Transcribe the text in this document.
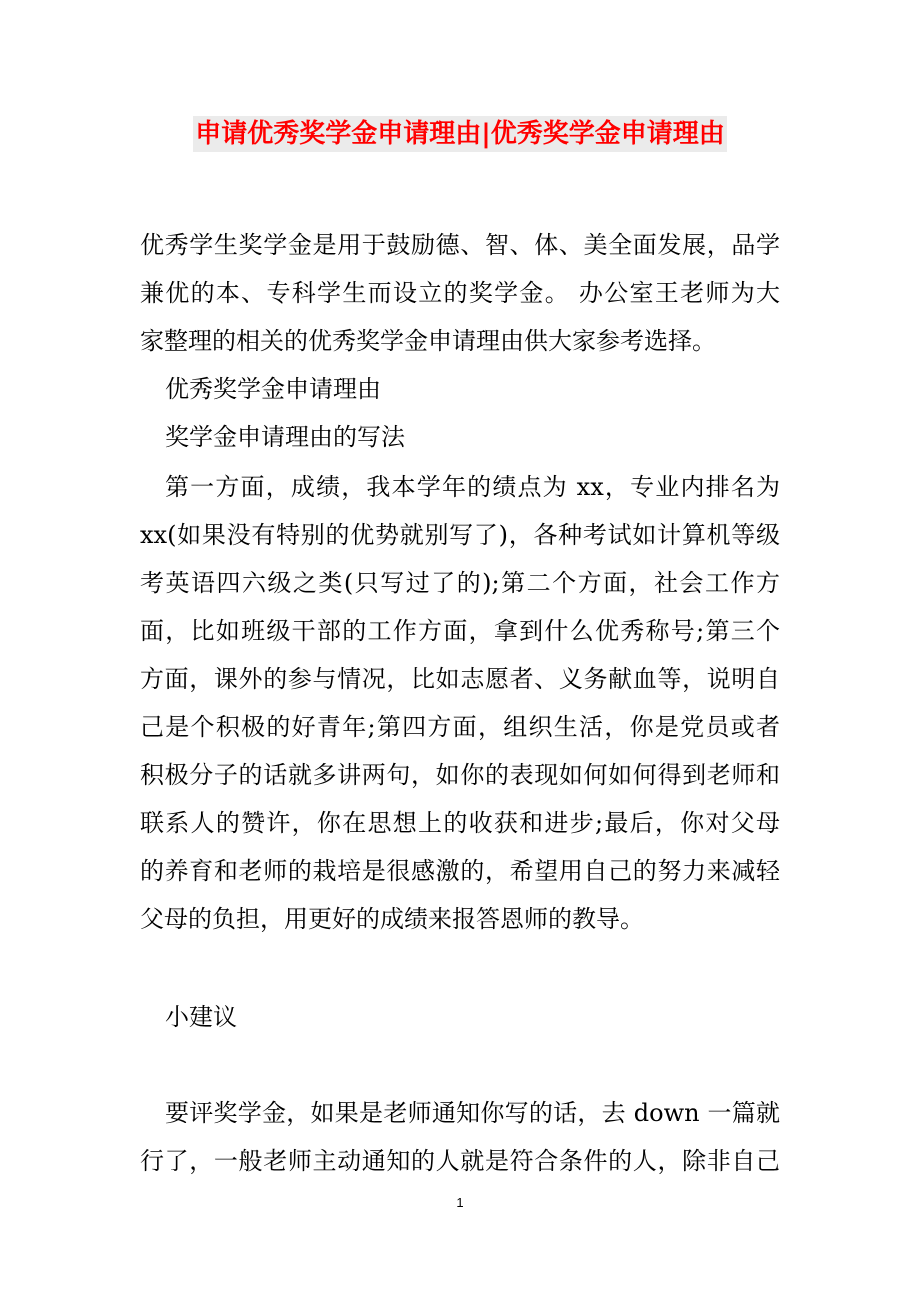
申请优秀奖学金申请理由|优秀奖学金申请理由
优秀学生奖学金是用于鼓励德、智、体、美全面发展，品学
兼优的本、专科学生而设立的奖学金。 办公室王老师为大
家整理的相关的优秀奖学金申请理由供大家参考选择。
优秀奖学金申请理由
奖学金申请理由的写法
第一方面，成绩，我本学年的绩点为 xx，专业内排名为
xx(如果没有特别的优势就别写了)，各种考试如计算机等级
考英语四六级之类(只写过了的);第二个方面，社会工作方
面，比如班级干部的工作方面，拿到什么优秀称号;第三个
方面，课外的参与情况，比如志愿者、义务献血等，说明自
己是个积极的好青年;第四方面，组织生活，你是党员或者
积极分子的话就多讲两句，如你的表现如何如何得到老师和
联系人的赞许，你在思想上的收获和进步;最后，你对父母
的养育和老师的栽培是很感激的，希望用自己的努力来减轻
父母的负担，用更好的成绩来报答恩师的教导。
小建议
要评奖学金，如果是老师通知你写的话，去 down 一篇就
行了，一般老师主动通知的人就是符合条件的人，除非自己
1
